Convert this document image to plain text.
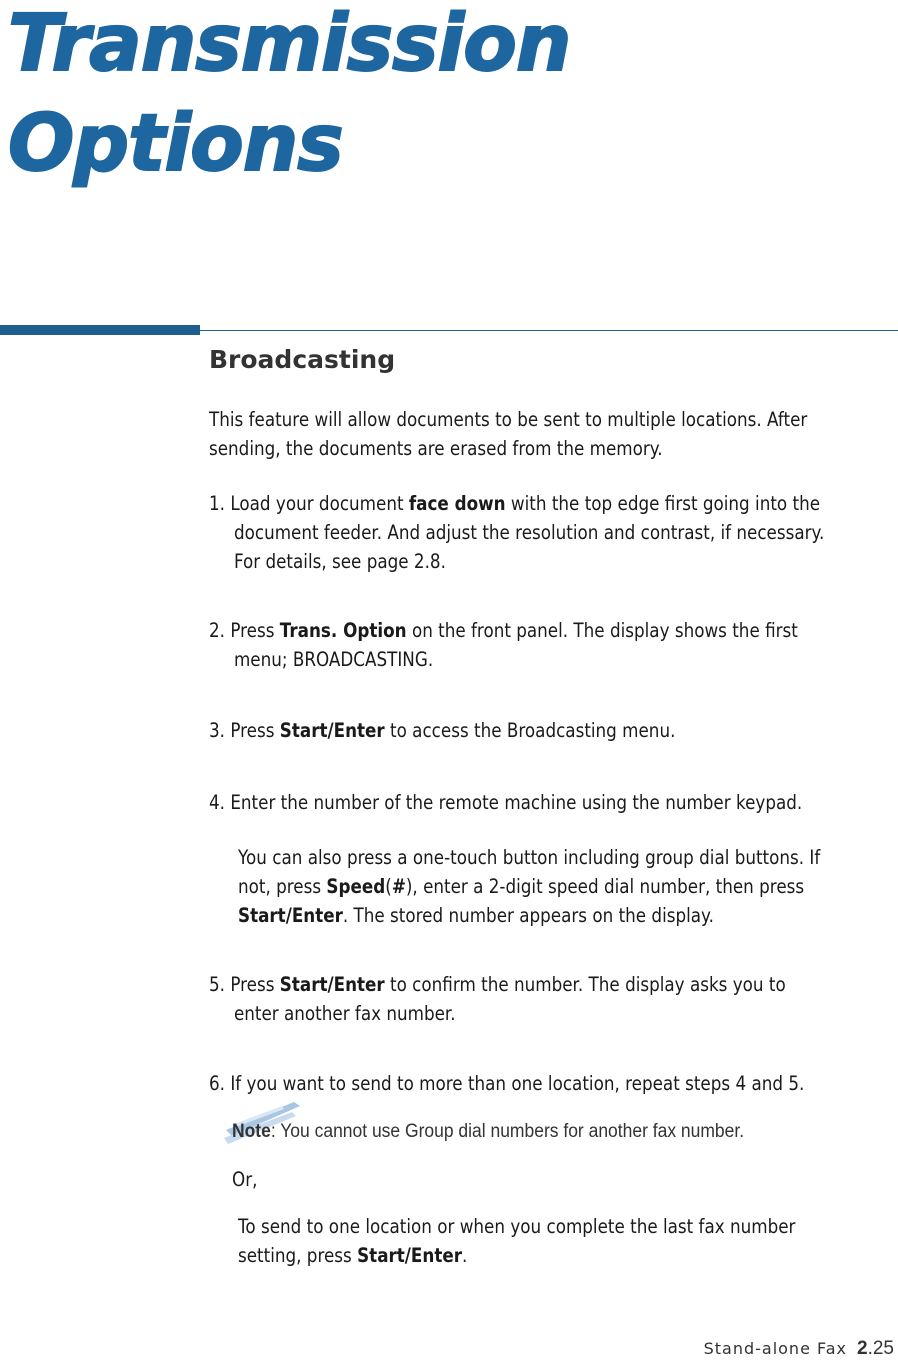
Transmission
Options
Broadcasting
This feature will allow documents to be sent to multiple locations. After
sending, the documents are erased from the memory.
1. Load your document face down with the top edge first going into the
document feeder. And adjust the resolution and contrast, if necessary.
For details, see page 2.8.
2. Press Trans. Option on the front panel. The display shows the first
menu; BROADCASTING.
3. Press Start/Enter to access the Broadcasting menu.
4. Enter the number of the remote machine using the number keypad.
You can also press a one-touch button including group dial buttons. If
not, press Speed(#), enter a 2-digit speed dial number, then press
Start/Enter. The stored number appears on the display.
5. Press Start/Enter to confirm the number. The display asks you to
enter another fax number.
6. If you want to send to more than one location, repeat steps 4 and 5.
Note: You cannot use Group dial numbers for another fax number.
Or,
To send to one location or when you complete the last fax number
setting, press Start/Enter.
Stand-alone Fax 2.25
